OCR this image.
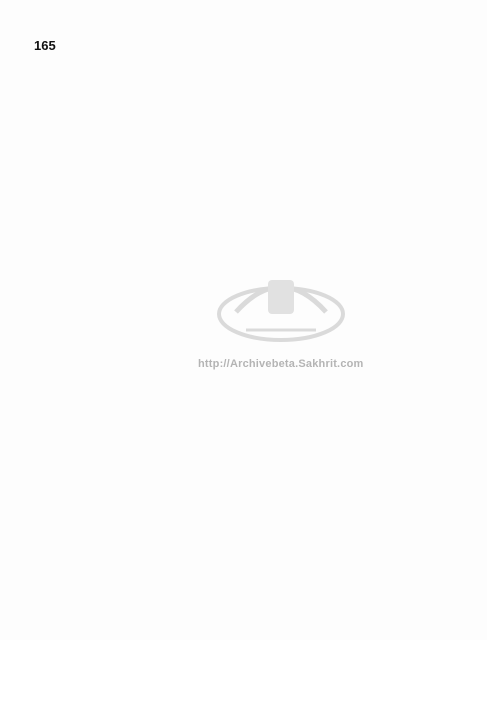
165
http://Archivebeta.Sakhrit.com
